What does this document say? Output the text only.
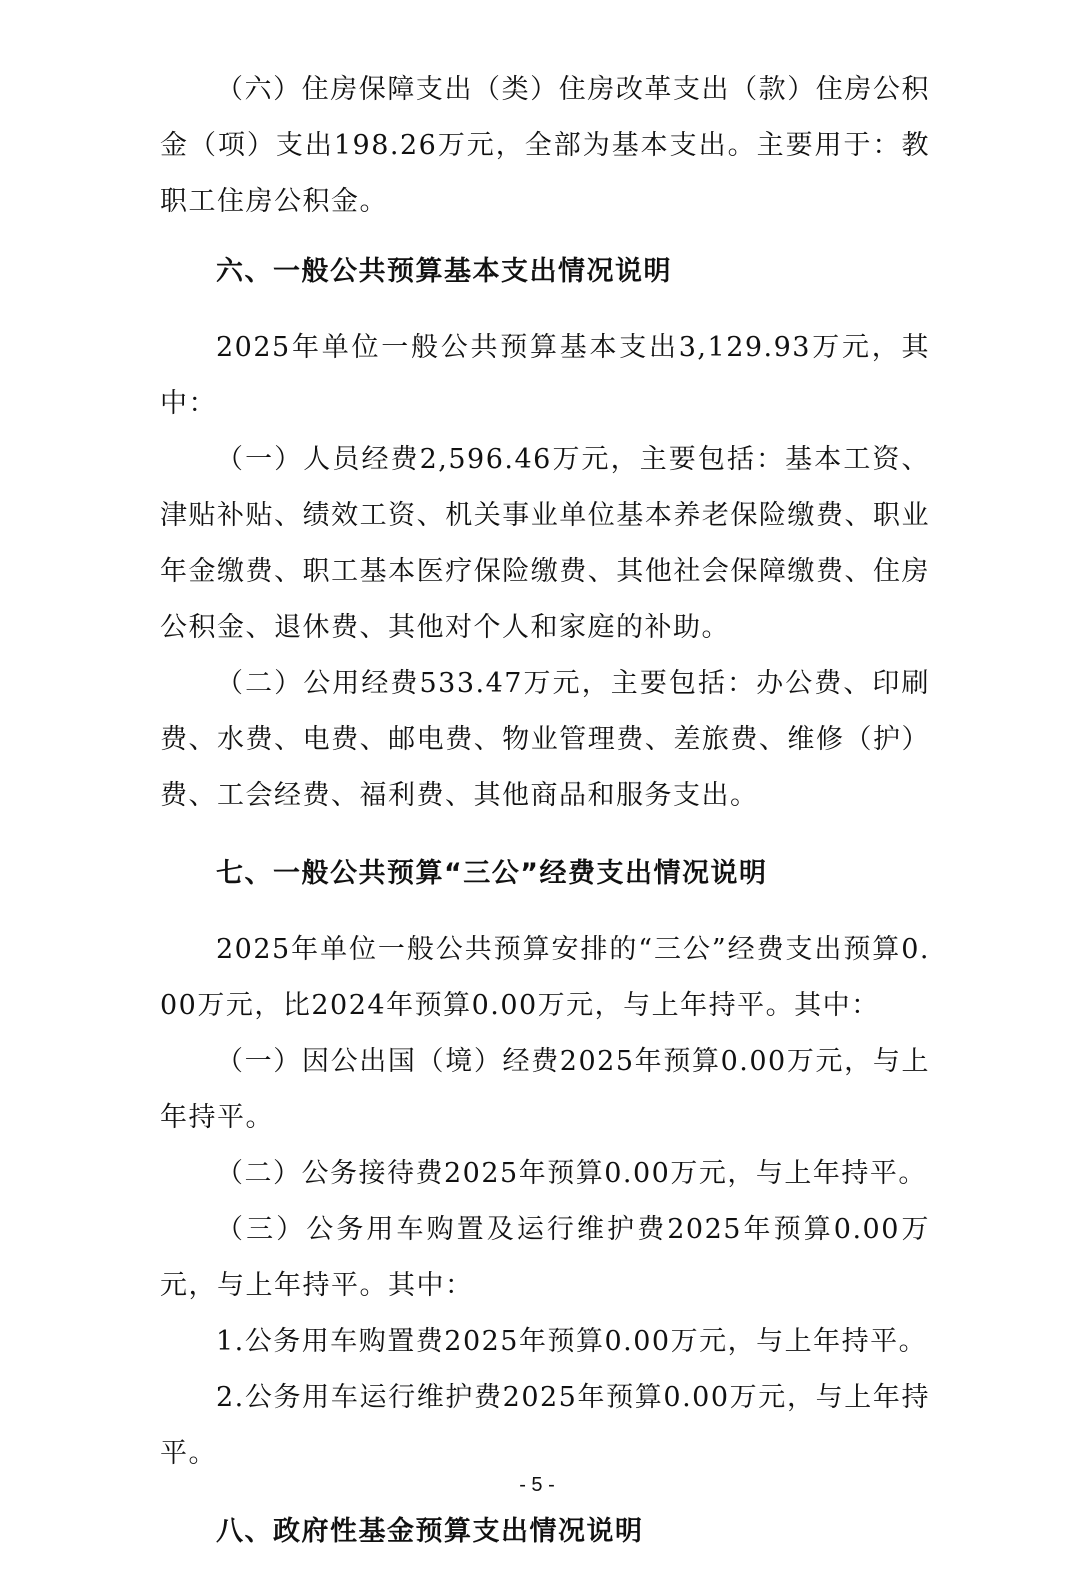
（六）住房保障支出（类）住房改革支出（款）住房公积金（项）支出198.26万元，全部为基本支出。主要用于：教职工住房公积金。

六、一般公共预算基本支出情况说明

2025年单位一般公共预算基本支出3,129.93万元，其中：

（一）人员经费2,596.46万元，主要包括：基本工资、津贴补贴、绩效工资、机关事业单位基本养老保险缴费、职业年金缴费、职工基本医疗保险缴费、其他社会保障缴费、住房公积金、退休费、其他对个人和家庭的补助。

（二）公用经费533.47万元，主要包括：办公费、印刷费、水费、电费、邮电费、物业管理费、差旅费、维修（护）费、工会经费、福利费、其他商品和服务支出。

七、一般公共预算“三公”经费支出情况说明

2025年单位一般公共预算安排的“三公”经费支出预算0.00万元，比2024年预算0.00万元，与上年持平。其中：

（一）因公出国（境）经费2025年预算0.00万元，与上年持平。

（二）公务接待费2025年预算0.00万元，与上年持平。

（三）公务用车购置及运行维护费2025年预算0.00万元，与上年持平。其中：

1.公务用车购置费2025年预算0.00万元，与上年持平。

2.公务用车运行维护费2025年预算0.00万元，与上年持平。

八、政府性基金预算支出情况说明
- 5 -
